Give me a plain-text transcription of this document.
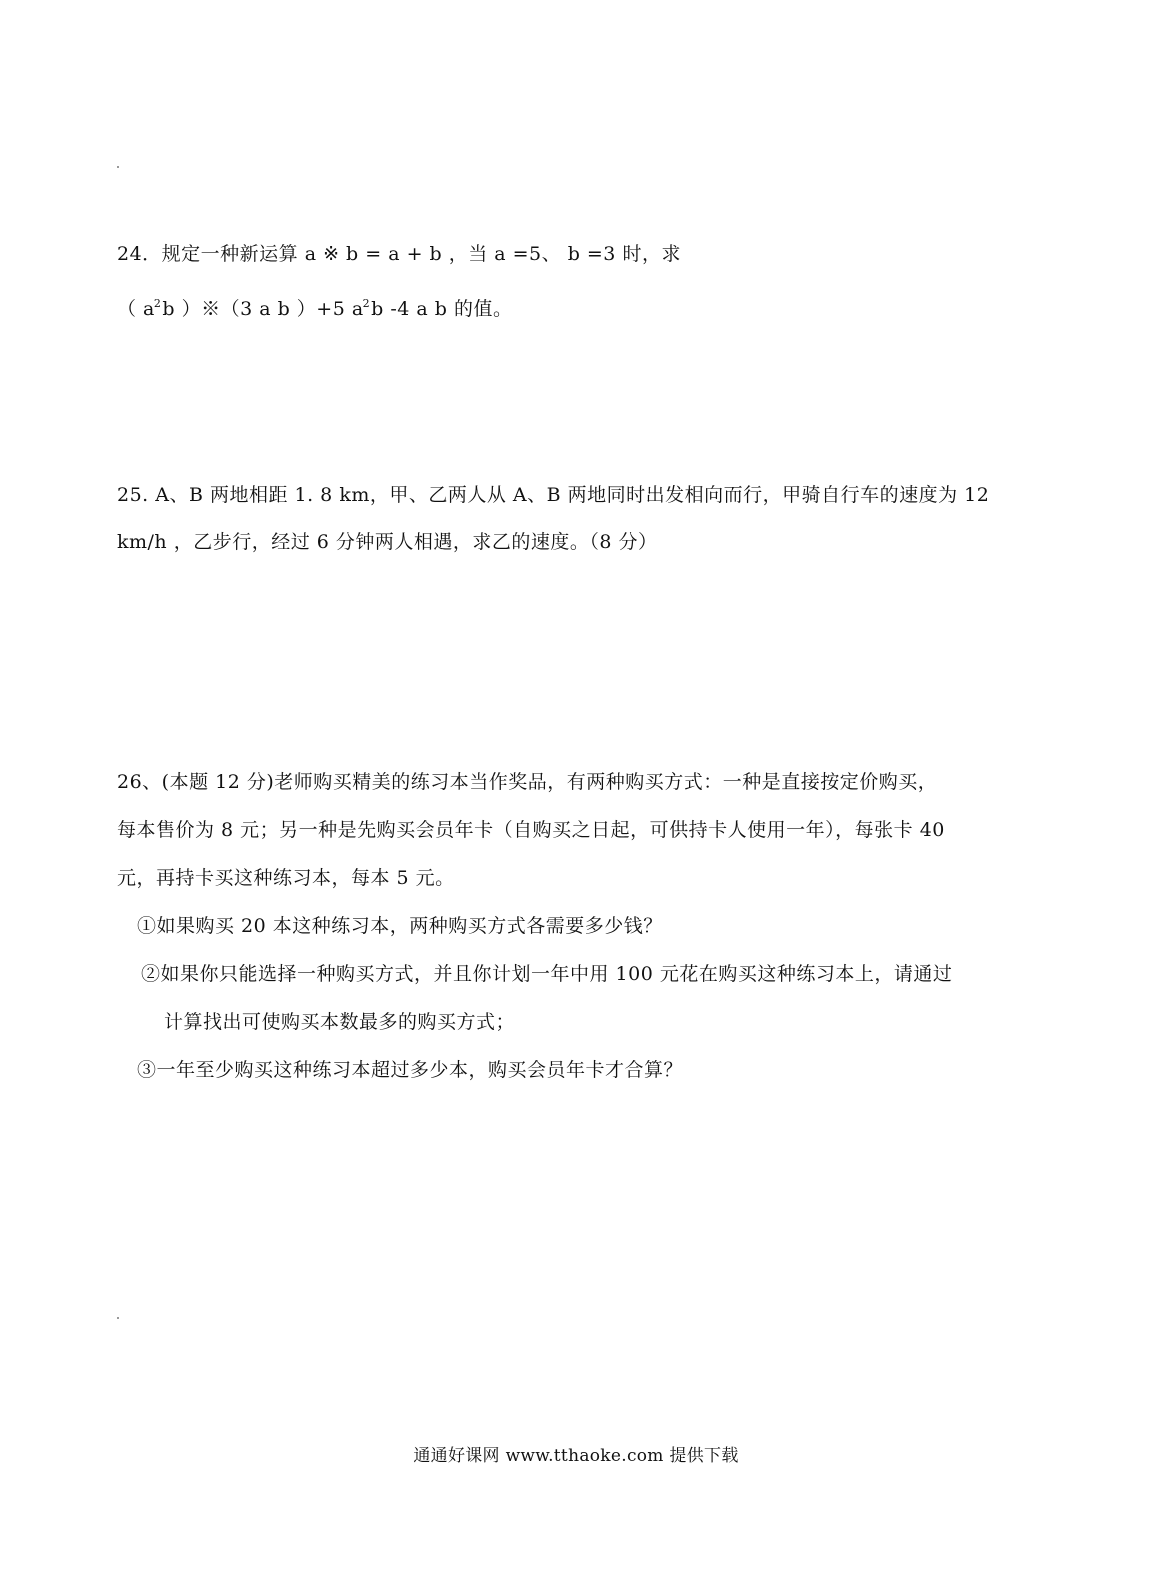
24．规定一种新运算 a ※ b = a + b ，当 a =5、 b =3 时，求
（ $a^2b$ ）※（3 a b ）+5 $a^2b$ -4 a b 的值。
25. A、B 两地相距 1. 8 km，甲、乙两人从 A、B 两地同时出发相向而行，甲骑自行车的速度为 12
km/h ，乙步行，经过 6 分钟两人相遇，求乙的速度。（8 分）
26、(本题 12 分)老师购买精美的练习本当作奖品，有两种购买方式：一种是直接按定价购买，
每本售价为 8 元；另一种是先购买会员年卡（自购买之日起，可供持卡人使用一年），每张卡 40
元，再持卡买这种练习本，每本 5 元。
①如果购买 20 本这种练习本，两种购买方式各需要多少钱？
②如果你只能选择一种购买方式，并且你计划一年中用 100 元花在购买这种练习本上，请通过
计算找出可使购买本数最多的购买方式；
③一年至少购买这种练习本超过多少本，购买会员年卡才合算？
通通好课网 www.tthaoke.com 提供下载
